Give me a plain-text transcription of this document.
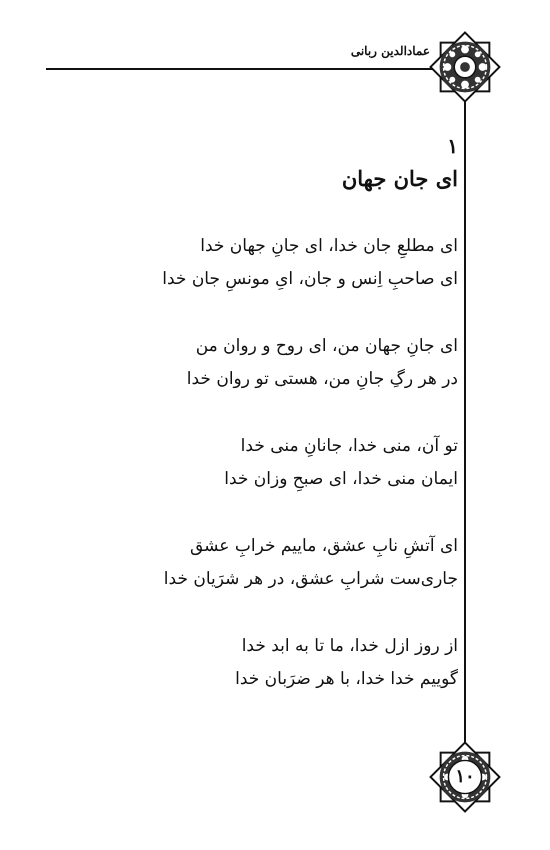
عمادالدین ربانی
۱۰
۱
ای جان جهان
ای مطلعِ جان خدا، ای جانِ جهان خدا
ای صاحبِ اِنس و جان، ایِ مونسِ جان خدا
ای جانِ جهان من، ای روح و روان من
در هر رگِ جانِ من، هستی تو روان خدا
تو آن، منی خدا، جانانِ منی خدا
ایمان منی خدا، ای صبحِ وزان خدا
ای آتشِ نابِ عشق، ماییم خرابِ عشق
جاری‌ست شرابِ عشق، در هر شرَیان خدا
از روز ازل خدا، ما تا به ابد خدا
گوییم خدا خدا، با هر ضرَبان خدا
